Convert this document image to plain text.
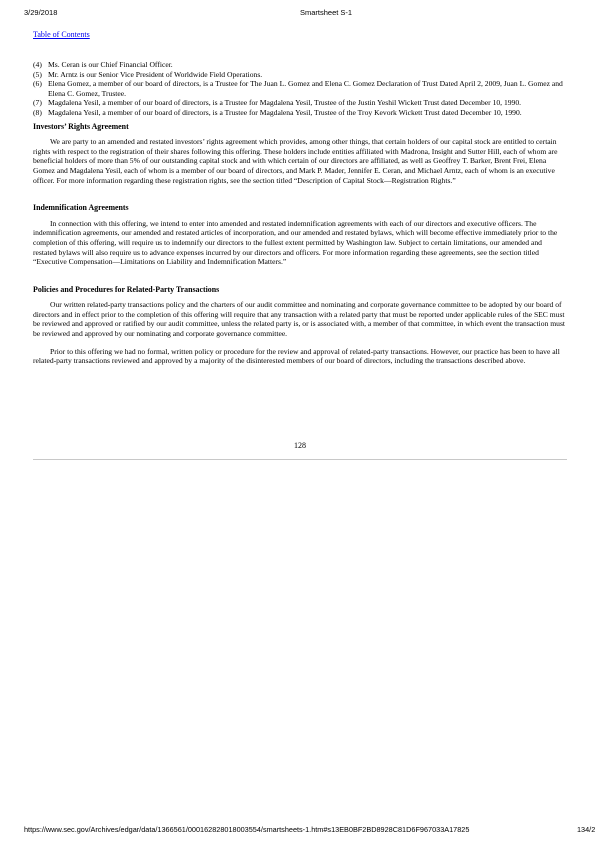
3/29/2018	Smartsheet S-1
Table of Contents
(4) Ms. Ceran is our Chief Financial Officer.
(5) Mr. Arntz is our Senior Vice President of Worldwide Field Operations.
(6) Elena Gomez, a member of our board of directors, is a Trustee for The Juan L. Gomez and Elena C. Gomez Declaration of Trust Dated April 2, 2009, Juan L. Gomez and Elena C. Gomez, Trustee.
(7) Magdalena Yesil, a member of our board of directors, is a Trustee for Magdalena Yesil, Trustee of the Justin Yeshil Wickett Trust dated December 10, 1990.
(8) Magdalena Yesil, a member of our board of directors, is a Trustee for Magdalena Yesil, Trustee of the Troy Kevork Wickett Trust dated December 10, 1990.
Investors’ Rights Agreement

We are party to an amended and restated investors’ rights agreement which provides, among other things, that certain holders of our capital stock are entitled to certain rights with respect to the registration of their shares following this offering. These holders include entities affiliated with Madrona, Insight and Sutter Hill, each of whom are beneficial holders of more than 5% of our outstanding capital stock and with which certain of our directors are affiliated, as well as Geoffrey T. Barker, Brent Frei, Elena Gomez and Magdalena Yesil, each of whom is a member of our board of directors, and Mark P. Mader, Jennifer E. Ceran, and Michael Arntz, each of whom is an executive officer. For more information regarding these registration rights, see the section titled “Description of Capital Stock—Registration Rights.”

Indemnification Agreements

In connection with this offering, we intend to enter into amended and restated indemnification agreements with each of our directors and executive officers. The indemnification agreements, our amended and restated articles of incorporation, and our amended and restated bylaws, which will become effective immediately prior to the completion of this offering, will require us to indemnify our directors to the fullest extent permitted by Washington law. Subject to certain limitations, our amended and restated bylaws will also require us to advance expenses incurred by our directors and officers. For more information regarding these agreements, see the section titled “Executive Compensation—Limitations on Liability and Indemnification Matters.”

Policies and Procedures for Related-Party Transactions

Our written related-party transactions policy and the charters of our audit committee and nominating and corporate governance committee to be adopted by our board of directors and in effect prior to the completion of this offering will require that any transaction with a related party that must be reported under applicable rules of the SEC must be reviewed and approved or ratified by our audit committee, unless the related party is, or is associated with, a member of that committee, in which event the transaction must be reviewed and approved by our nominating and corporate governance committee.

Prior to this offering we had no formal, written policy or procedure for the review and approval of related-party transactions. However, our practice has been to have all related-party transactions reviewed and approved by a majority of the disinterested members of our board of directors, including the transactions described above.

128
https://www.sec.gov/Archives/edgar/data/1366561/000162828018003554/smartsheets-1.htm#s13EB0BF2BD8928C81D6F967033A17825	134/2
